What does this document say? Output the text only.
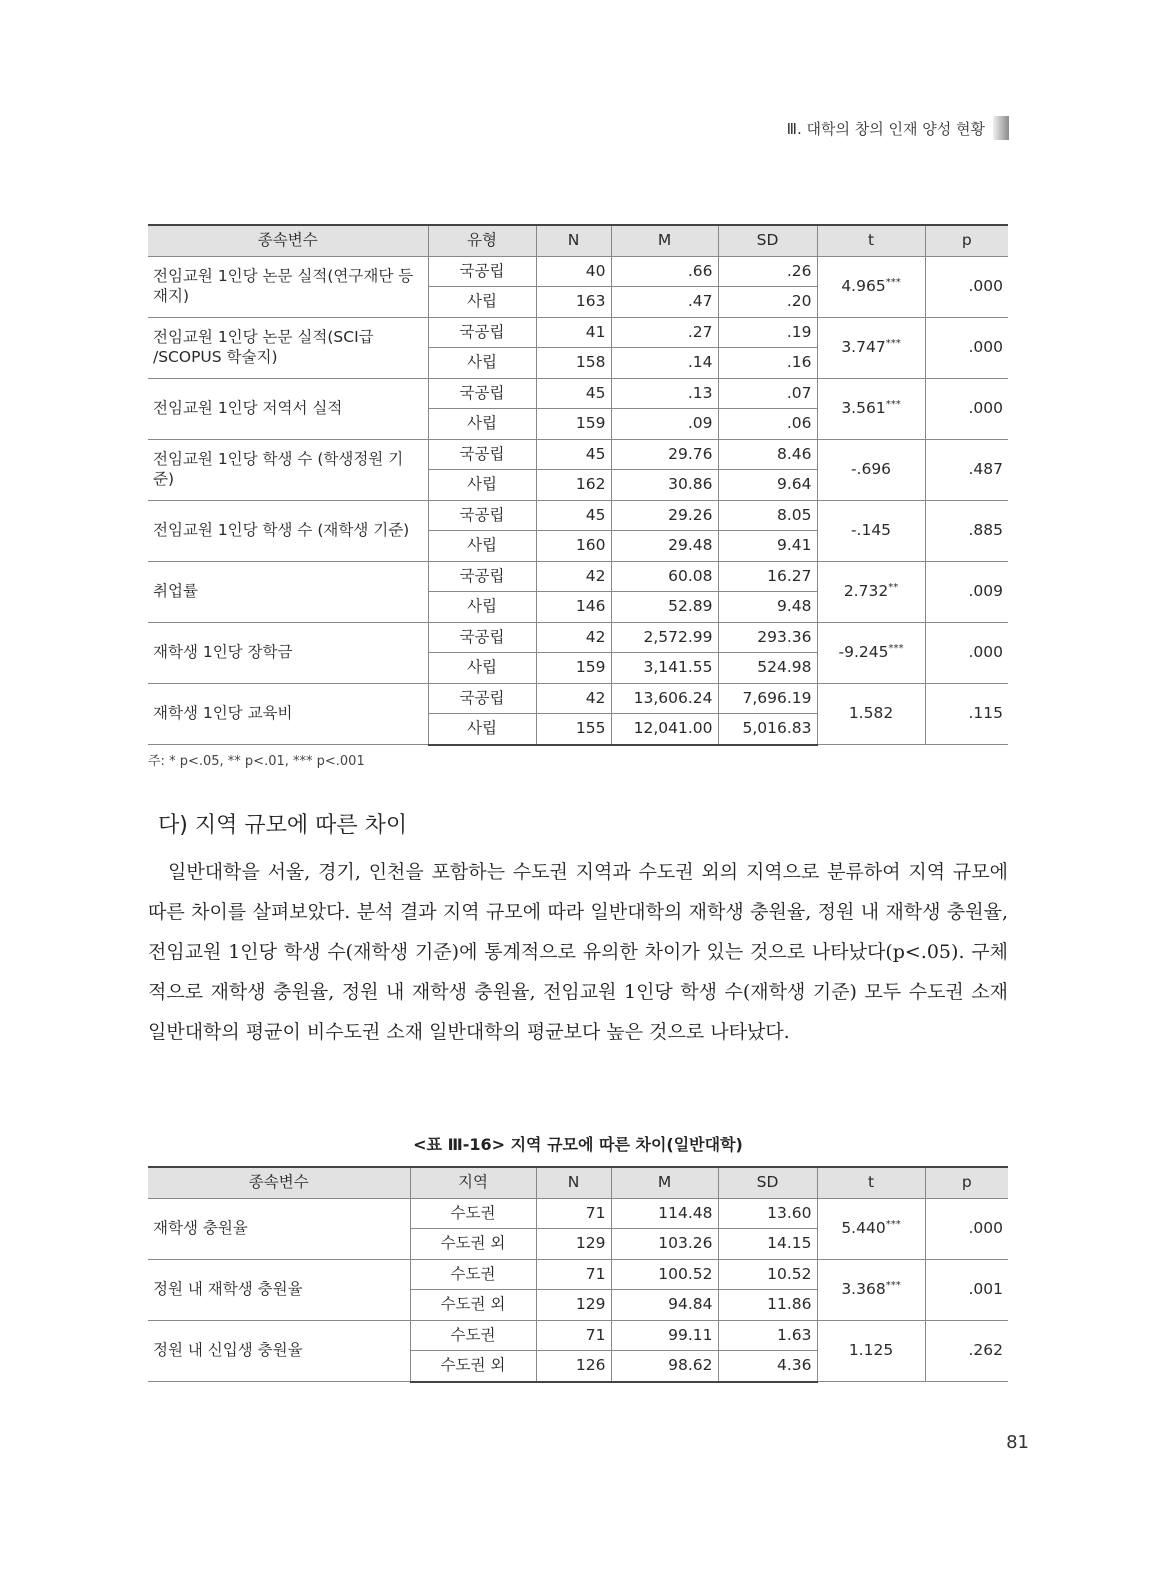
Ⅲ. 대학의 창의 인재 양성 현황
종속변수	유형	N	M	SD	t	p
전임교원 1인당 논문 실적(연구재단 등재지)	국공립	40	.66	.26	4.965***	.000
	사립	163	.47	.20		
전임교원 1인당 논문 실적(SCI급 /SCOPUS 학술지)	국공립	41	.27	.19	3.747***	.000
	사립	158	.14	.16		
전임교원 1인당 저역서 실적	국공립	45	.13	.07	3.561***	.000
	사립	159	.09	.06		
전임교원 1인당 학생 수 (학생정원 기준)	국공립	45	29.76	8.46	-.696	.487
	사립	162	30.86	9.64		
전임교원 1인당 학생 수 (재학생 기준)	국공립	45	29.26	8.05	-.145	.885
	사립	160	29.48	9.41		
취업률	국공립	42	60.08	16.27	2.732**	.009
	사립	146	52.89	9.48		
재학생 1인당 장학금	국공립	42	2,572.99	293.36	-9.245***	.000
	사립	159	3,141.55	524.98		
재학생 1인당 교육비	국공립	42	13,606.24	7,696.19	1.582	.115
	사립	155	12,041.00	5,016.83		
주: * p<.05, ** p<.01, *** p<.001
다) 지역 규모에 따른 차이

일반대학을 서울, 경기, 인천을 포함하는 수도권 지역과 수도권 외의 지역으로 분류하여 지역 규모에 따른 차이를 살펴보았다. 분석 결과 지역 규모에 따라 일반대학의 재학생 충원율, 정원 내 재학생 충원율, 전임교원 1인당 학생 수(재학생 기준)에 통계적으로 유의한 차이가 있는 것으로 나타났다(p<.05). 구체적으로 재학생 충원율, 정원 내 재학생 충원율, 전임교원 1인당 학생 수(재학생 기준) 모두 수도권 소재 일반대학의 평균이 비수도권 소재 일반대학의 평균보다 높은 것으로 나타났다.

<표 Ⅲ-16> 지역 규모에 따른 차이(일반대학)
종속변수	지역	N	M	SD	t	p
재학생 충원율	수도권	71	114.48	13.60	5.440***	.000
	수도권 외	129	103.26	14.15		
정원 내 재학생 충원율	수도권	71	100.52	10.52	3.368***	.001
	수도권 외	129	94.84	11.86		
정원 내 신입생 충원율	수도권	71	99.11	1.63	1.125	.262
	수도권 외	126	98.62	4.36		
81
